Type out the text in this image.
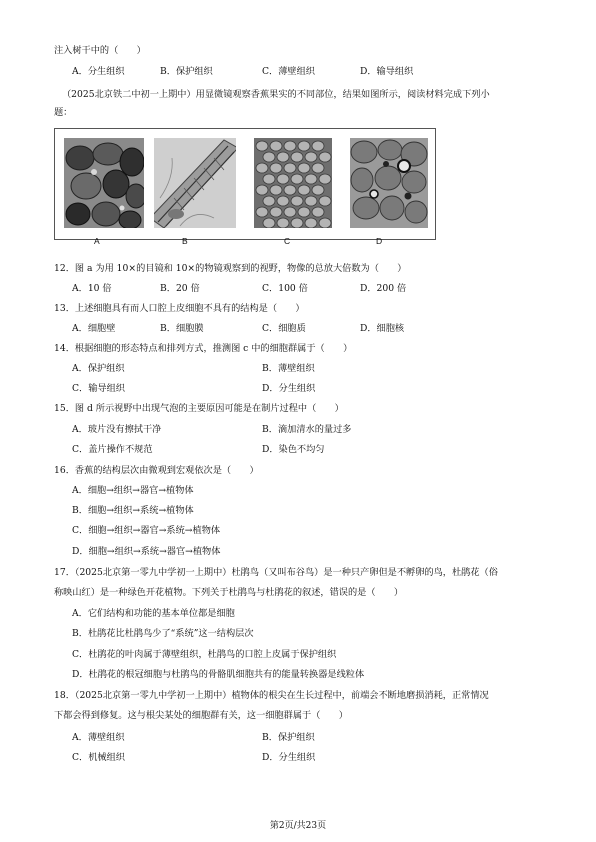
注入树干中的（　　）
A．分生组织	B．保护组织	C．薄壁组织	D．输导组织
（2025北京铁二中初一上期中）用显微镜观察香蕉果实的不同部位，结果如图所示，阅读材料完成下列小
题：
A	B	C	D
12．图 a 为用 10×的目镜和 10×的物镜观察到的视野，物像的总放大倍数为（　　）
A．10 倍	B．20 倍	C．100 倍	D．200 倍
13．上述细胞具有而人口腔上皮细胞不具有的结构是（　　）
A．细胞壁	B．细胞膜	C．细胞质	D．细胞核
14．根据细胞的形态特点和排列方式，推测图 c 中的细胞群属于（　　）
A．保护组织	B．薄壁组织
C．输导组织	D．分生组织
15．图 d 所示视野中出现气泡的主要原因可能是在制片过程中（　　）
A．玻片没有擦拭干净	B．滴加清水的量过多
C．盖片操作不规范	D．染色不均匀
16．香蕉的结构层次由微观到宏观依次是（　　）
A．细胞→组织→器官→植物体
B．细胞→组织→系统→植物体
C．细胞→组织→器官→系统→植物体
D．细胞→组织→系统→器官→植物体
17．（2025北京第一零九中学初一上期中）杜鹃鸟（又叫布谷鸟）是一种只产卵但是不孵卵的鸟，杜鹃花（俗
称映山红）是一种绿色开花植物。下列关于杜鹃鸟与杜鹃花的叙述，错误的是（　　）
A．它们结构和功能的基本单位都是细胞
B．杜鹃花比杜鹃鸟少了“系统”这一结构层次
C．杜鹃花的叶肉属于薄壁组织，杜鹃鸟的口腔上皮属于保护组织
D．杜鹃花的根冠细胞与杜鹃鸟的骨骼肌细胞共有的能量转换器是线粒体
18．（2025北京第一零九中学初一上期中）植物体的根尖在生长过程中，前端会不断地磨损消耗，正常情况
下都会得到修复。这与根尖某处的细胞群有关，这一细胞群属于（　　）
A．薄壁组织	B．保护组织
C．机械组织	D．分生组织
第2页/共23页
